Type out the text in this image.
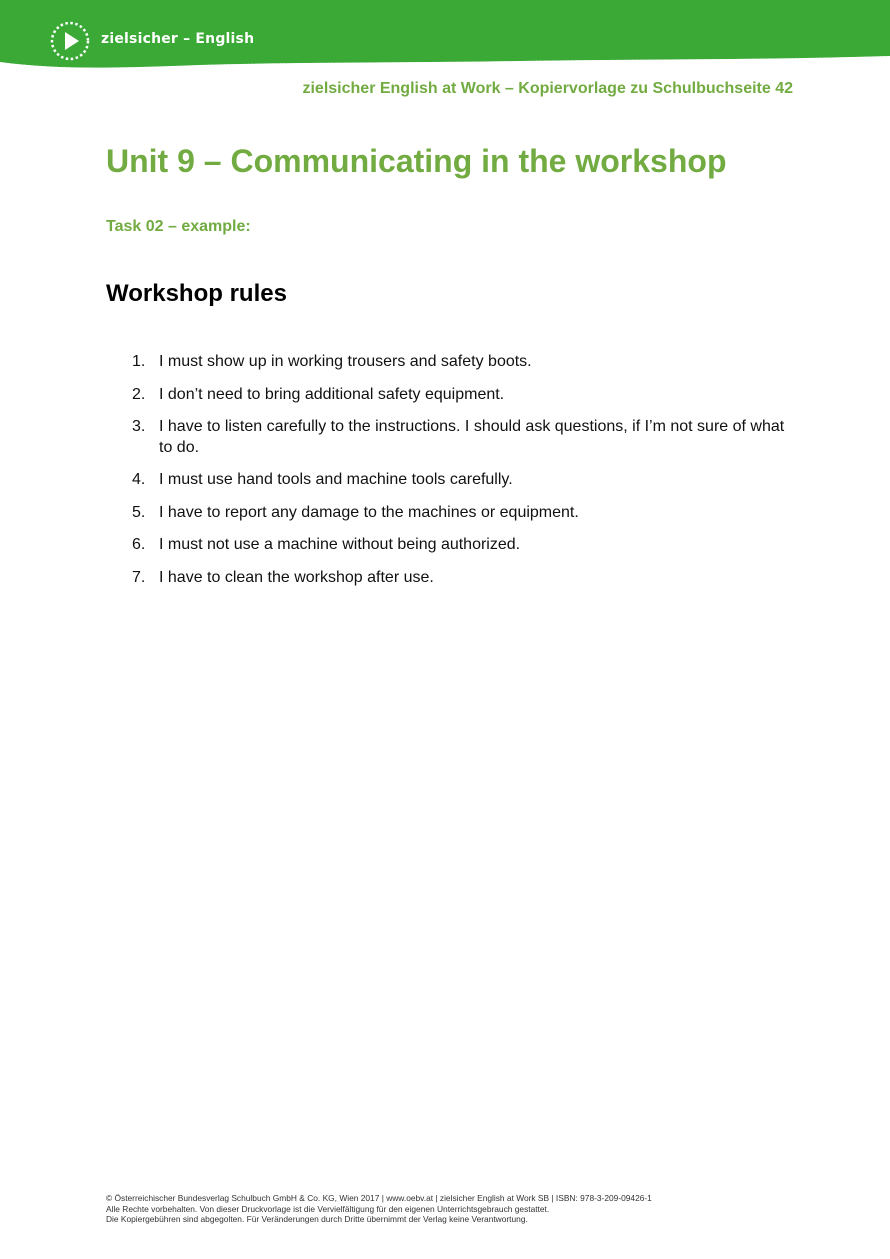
zielsicher – English
zielsicher English at Work – Kopiervorlage zu Schulbuchseite 42
Unit 9 – Communicating in the workshop
Task 02 – example:
Workshop rules
1. I must show up in working trousers and safety boots.
2. I don’t need to bring additional safety equipment.
3. I have to listen carefully to the instructions. I should ask questions, if I’m not sure of what to do.
4. I must use hand tools and machine tools carefully.
5. I have to report any damage to the machines or equipment.
6. I must not use a machine without being authorized.
7. I have to clean the workshop after use.
© Österreichischer Bundesverlag Schulbuch GmbH & Co. KG, Wien 2017 | www.oebv.at | zielsicher English at Work SB | ISBN: 978-3-209-09426-1
Alle Rechte vorbehalten. Von dieser Druckvorlage ist die Vervielfältigung für den eigenen Unterrichtsgebrauch gestattet.
Die Kopiergebühren sind abgegolten. Für Veränderungen durch Dritte übernimmt der Verlag keine Verantwortung.
